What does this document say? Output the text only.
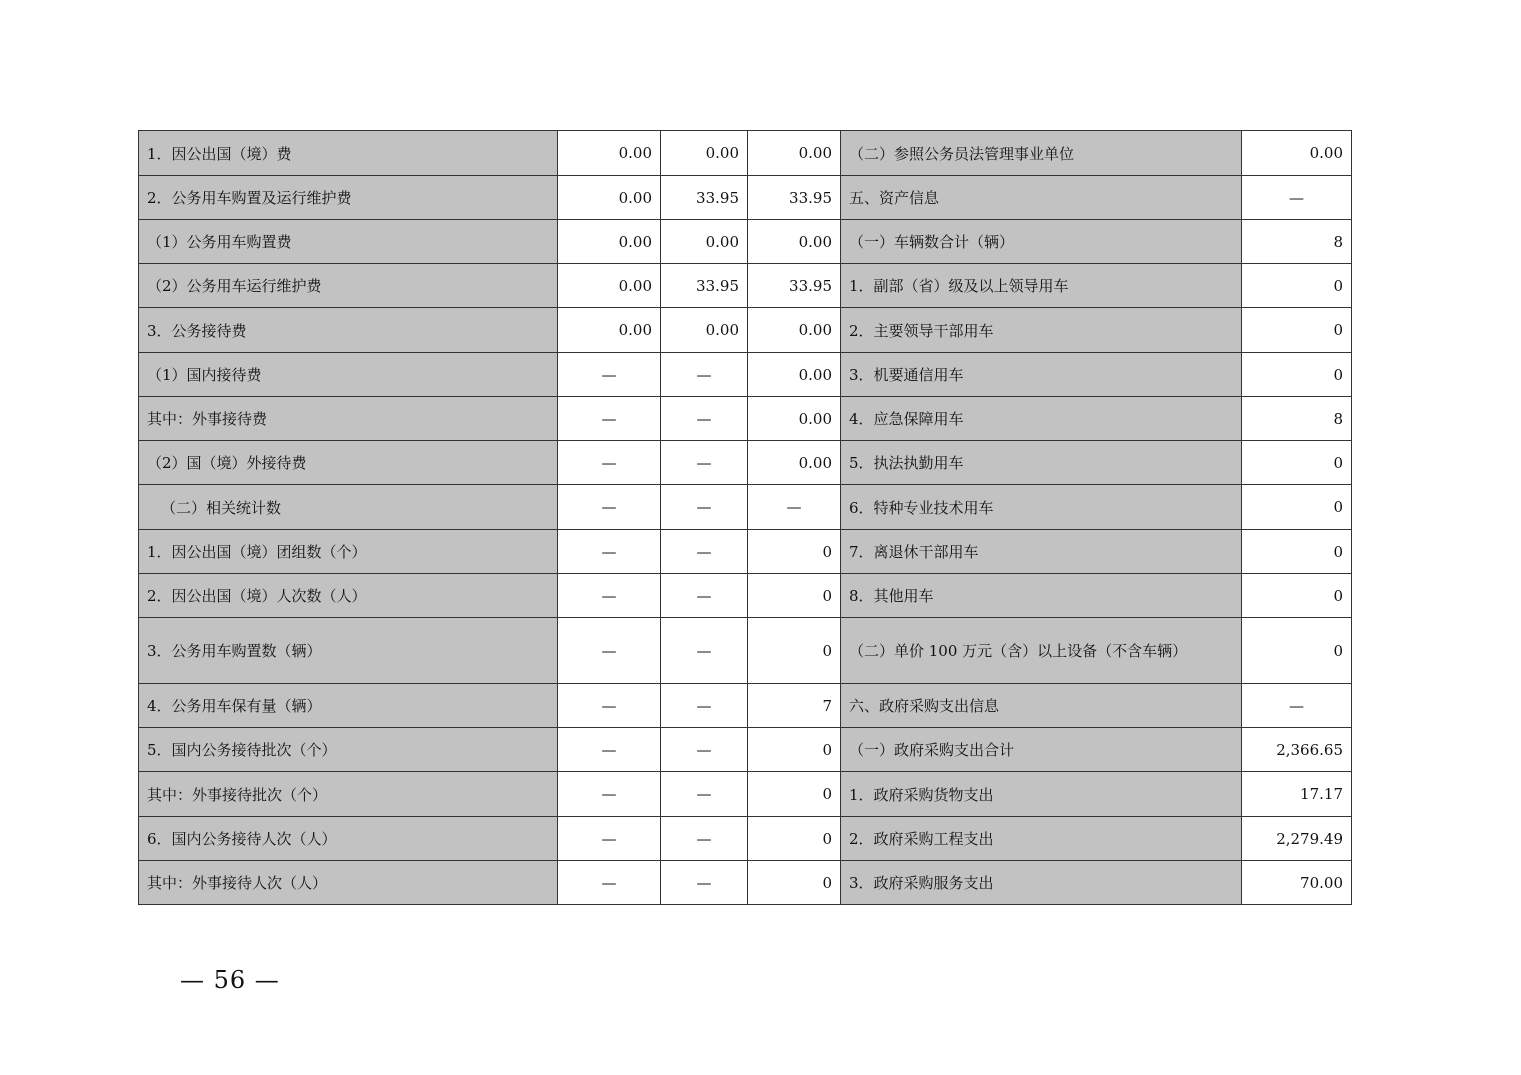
1．因公出国（境）费	0.00	0.00	0.00	（二）参照公务员法管理事业单位	0.00
2．公务用车购置及运行维护费	0.00	33.95	33.95	五、资产信息	—
（1）公务用车购置费	0.00	0.00	0.00	（一）车辆数合计（辆）	8
（2）公务用车运行维护费	0.00	33.95	33.95	1．副部（省）级及以上领导用车	0
3．公务接待费	0.00	0.00	0.00	2．主要领导干部用车	0
（1）国内接待费	—	—	0.00	3．机要通信用车	0
其中：外事接待费	—	—	0.00	4．应急保障用车	8
（2）国（境）外接待费	—	—	0.00	5．执法执勤用车	0
（二）相关统计数	—	—	—	6．特种专业技术用车	0
1．因公出国（境）团组数（个）	—	—	0	7．离退休干部用车	0
2．因公出国（境）人次数（人）	—	—	0	8．其他用车	0
3．公务用车购置数（辆）	—	—	0	（二）单价 100 万元（含）以上设备（不含车辆）	0
4．公务用车保有量（辆）	—	—	7	六、政府采购支出信息	—
5．国内公务接待批次（个）	—	—	0	（一）政府采购支出合计	2,366.65
其中：外事接待批次（个）	—	—	0	1．政府采购货物支出	17.17
6．国内公务接待人次（人）	—	—	0	2．政府采购工程支出	2,279.49
其中：外事接待人次（人）	—	—	0	3．政府采购服务支出	70.00
— 56 —
